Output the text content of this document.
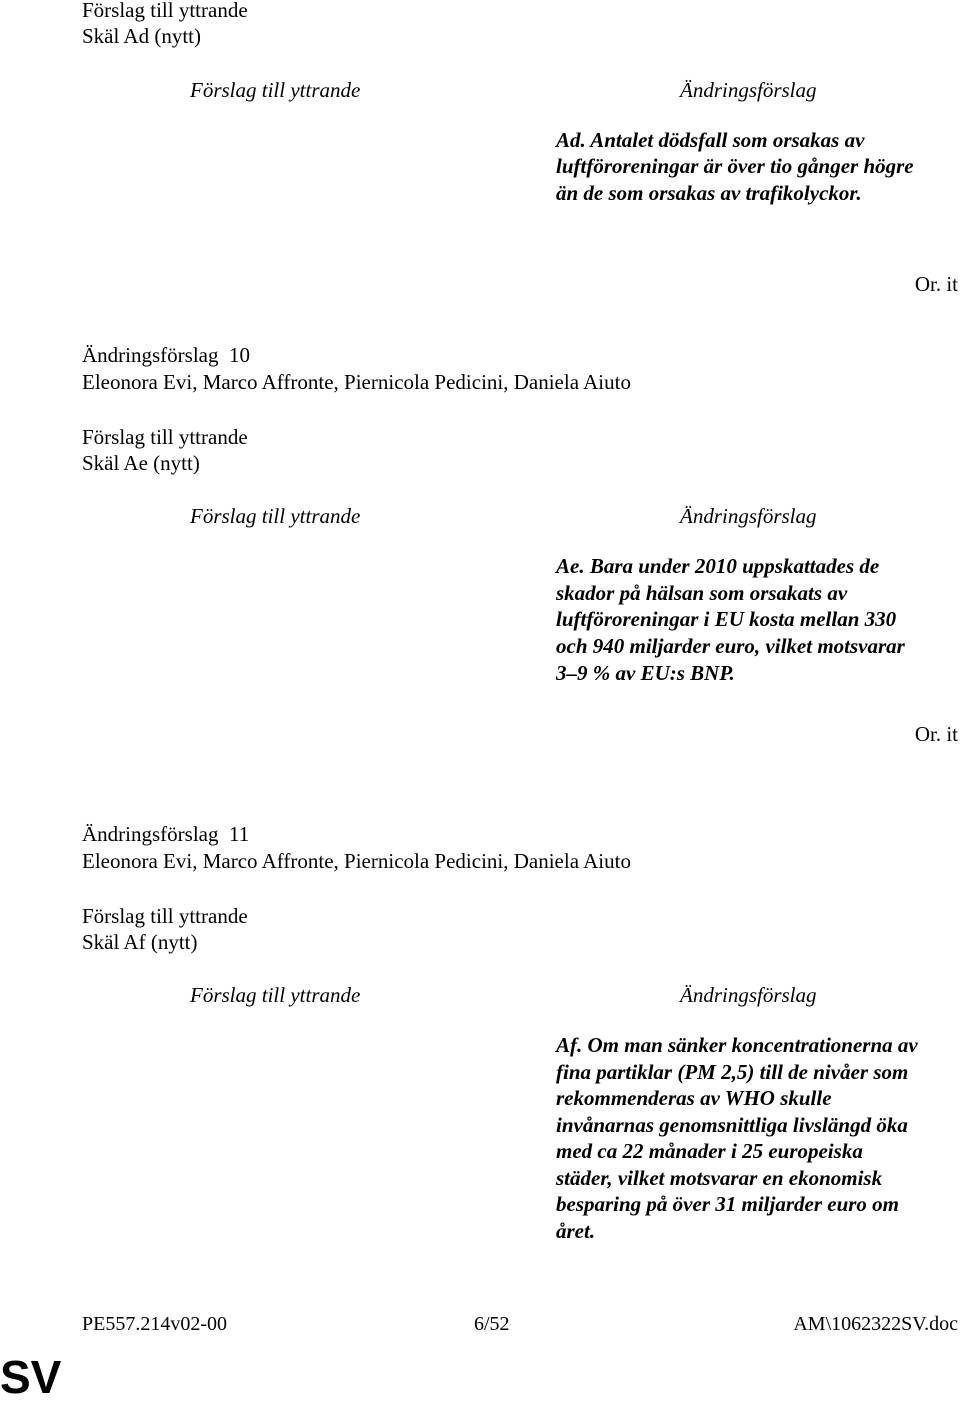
Förslag till yttrande

Skäl Ad (nytt)

Förslag till yttrande	Ändringsförslag

Ad. Antalet dödsfall som orsakas av

luftföroreningar är över tio gånger högre

än de som orsakas av trafikolyckor.

Or. it

Ändringsförslag 10

Eleonora Evi, Marco Affronte, Piernicola Pedicini, Daniela Aiuto

Förslag till yttrande

Skäl Ae (nytt)

Förslag till yttrande	Ändringsförslag

Ae. Bara under 2010 uppskattades de

skador på hälsan som orsakats av

luftföroreningar i EU kosta mellan 330

och 940 miljarder euro, vilket motsvarar

3–9 % av EU:s BNP.

Or. it

Ändringsförslag 11

Eleonora Evi, Marco Affronte, Piernicola Pedicini, Daniela Aiuto

Förslag till yttrande

Skäl Af (nytt)

Förslag till yttrande	Ändringsförslag

Af. Om man sänker koncentrationerna av

fina partiklar (PM 2,5) till de nivåer som

rekommenderas av WHO skulle

invånarnas genomsnittliga livslängd öka

med ca 22 månader i 25 europeiska

städer, vilket motsvarar en ekonomisk

besparing på över 31 miljarder euro om

året.

PE557.214v02-00	6/52	AM\1062322SV.doc

SV
